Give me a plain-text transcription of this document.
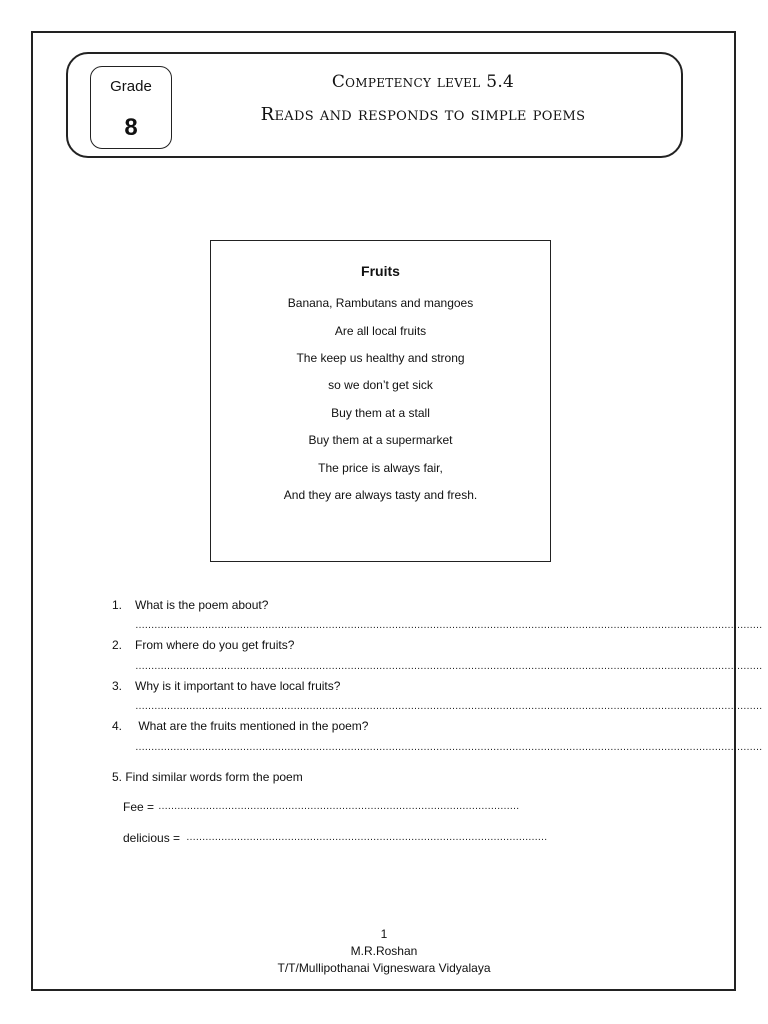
Grade
8
Competency level 5.4
Reads and responds to simple poems
Fruits
Banana, Rambutans and mangoes
Are all local fruits
The keep us healthy and strong
so we don’t get sick
Buy them at a stall
Buy them at a supermarket
The price is always fair,
And they are always tasty and fresh.
1. What is the poem about?
………………………………………………………………………………………………………………………………………………………………………………
2. From where do you get fruits?
………………………………………………………………………………………………………………………………………………………………………………
3. Why is it important to have local fruits?
………………………………………………………………………………………………………………………………………………………………………………
4. What are the fruits mentioned in the poem?
………………………………………………………………………………………………………………………………………………………………………………
5. Find similar words form the poem
Fee = ……………………………………………………………………………………………………
delicious = ……………………………………………………………………………………………………
1
M.R.Roshan
T/T/Mullipothanai Vigneswara Vidyalaya
